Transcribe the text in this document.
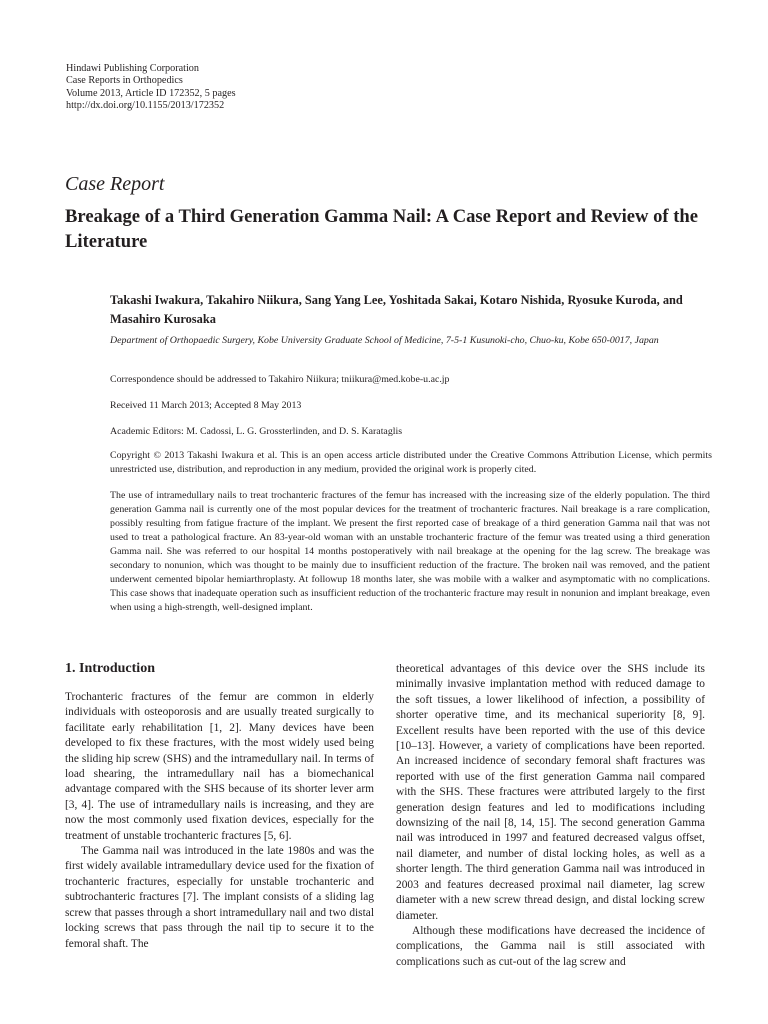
Hindawi Publishing Corporation
Case Reports in Orthopedics
Volume 2013, Article ID 172352, 5 pages
http://dx.doi.org/10.1155/2013/172352
Case Report
Breakage of a Third Generation Gamma Nail: A Case Report and Review of the Literature

Takashi Iwakura, Takahiro Niikura, Sang Yang Lee, Yoshitada Sakai, Kotaro Nishida, Ryosuke Kuroda, and Masahiro Kurosaka

Department of Orthopaedic Surgery, Kobe University Graduate School of Medicine, 7-5-1 Kusunoki-cho, Chuo-ku, Kobe 650-0017, Japan
Correspondence should be addressed to Takahiro Niikura; tniikura@med.kobe-u.ac.jp
Received 11 March 2013; Accepted 8 May 2013
Academic Editors: M. Cadossi, L. G. Grossterlinden, and D. S. Karataglis
Copyright © 2013 Takashi Iwakura et al. This is an open access article distributed under the Creative Commons Attribution License, which permits unrestricted use, distribution, and reproduction in any medium, provided the original work is properly cited.

The use of intramedullary nails to treat trochanteric fractures of the femur has increased with the increasing size of the elderly population. The third generation Gamma nail is currently one of the most popular devices for the treatment of trochanteric fractures. Nail breakage is a rare complication, possibly resulting from fatigue fracture of the implant. We present the first reported case of breakage of a third generation Gamma nail that was not used to treat a pathological fracture. An 83-year-old woman with an unstable trochanteric fracture of the femur was treated using a third generation Gamma nail. She was referred to our hospital 14 months postoperatively with nail breakage at the opening for the lag screw. The breakage was secondary to nonunion, which was thought to be mainly due to insufficient reduction of the fracture. The broken nail was removed, and the patient underwent cemented bipolar hemiarthroplasty. At followup 18 months later, she was mobile with a walker and asymptomatic with no complications. This case shows that inadequate operation such as insufficient reduction of the trochanteric fracture may result in nonunion and implant breakage, even when using a high-strength, well-designed implant.

1. Introduction

Trochanteric fractures of the femur are common in elderly individuals with osteoporosis and are usually treated surgically to facilitate early rehabilitation [1, 2]. Many devices have been developed to fix these fractures, with the most widely used being the sliding hip screw (SHS) and the intramedullary nail. In terms of load shearing, the intramedullary nail has a biomechanical advantage compared with the SHS because of its shorter lever arm [3, 4]. The use of intramedullary nails is increasing, and they are now the most commonly used fixation devices, especially for the treatment of unstable trochanteric fractures [5, 6].

The Gamma nail was introduced in the late 1980s and was the first widely available intramedullary device used for the fixation of trochanteric fractures, especially for unstable trochanteric and subtrochanteric fractures [7]. The implant consists of a sliding lag screw that passes through a short intramedullary nail and two distal locking screws that pass through the nail tip to secure it to the femoral shaft. The

theoretical advantages of this device over the SHS include its minimally invasive implantation method with reduced damage to the soft tissues, a lower likelihood of infection, a possibility of shorter operative time, and its mechanical superiority [8, 9]. Excellent results have been reported with the use of this device [10–13]. However, a variety of complications have been reported. An increased incidence of secondary femoral shaft fractures was reported with use of the first generation Gamma nail compared with the SHS. These fractures were attributed largely to the first generation design features and led to modifications including downsizing of the nail [8, 14, 15]. The second generation Gamma nail was introduced in 1997 and featured decreased valgus offset, nail diameter, and number of distal locking holes, as well as a shorter length. The third generation Gamma nail was introduced in 2003 and features decreased proximal nail diameter, lag screw diameter with a new screw thread design, and distal locking screw diameter.

Although these modifications have decreased the incidence of complications, the Gamma nail is still associated with complications such as cut-out of the lag screw and
